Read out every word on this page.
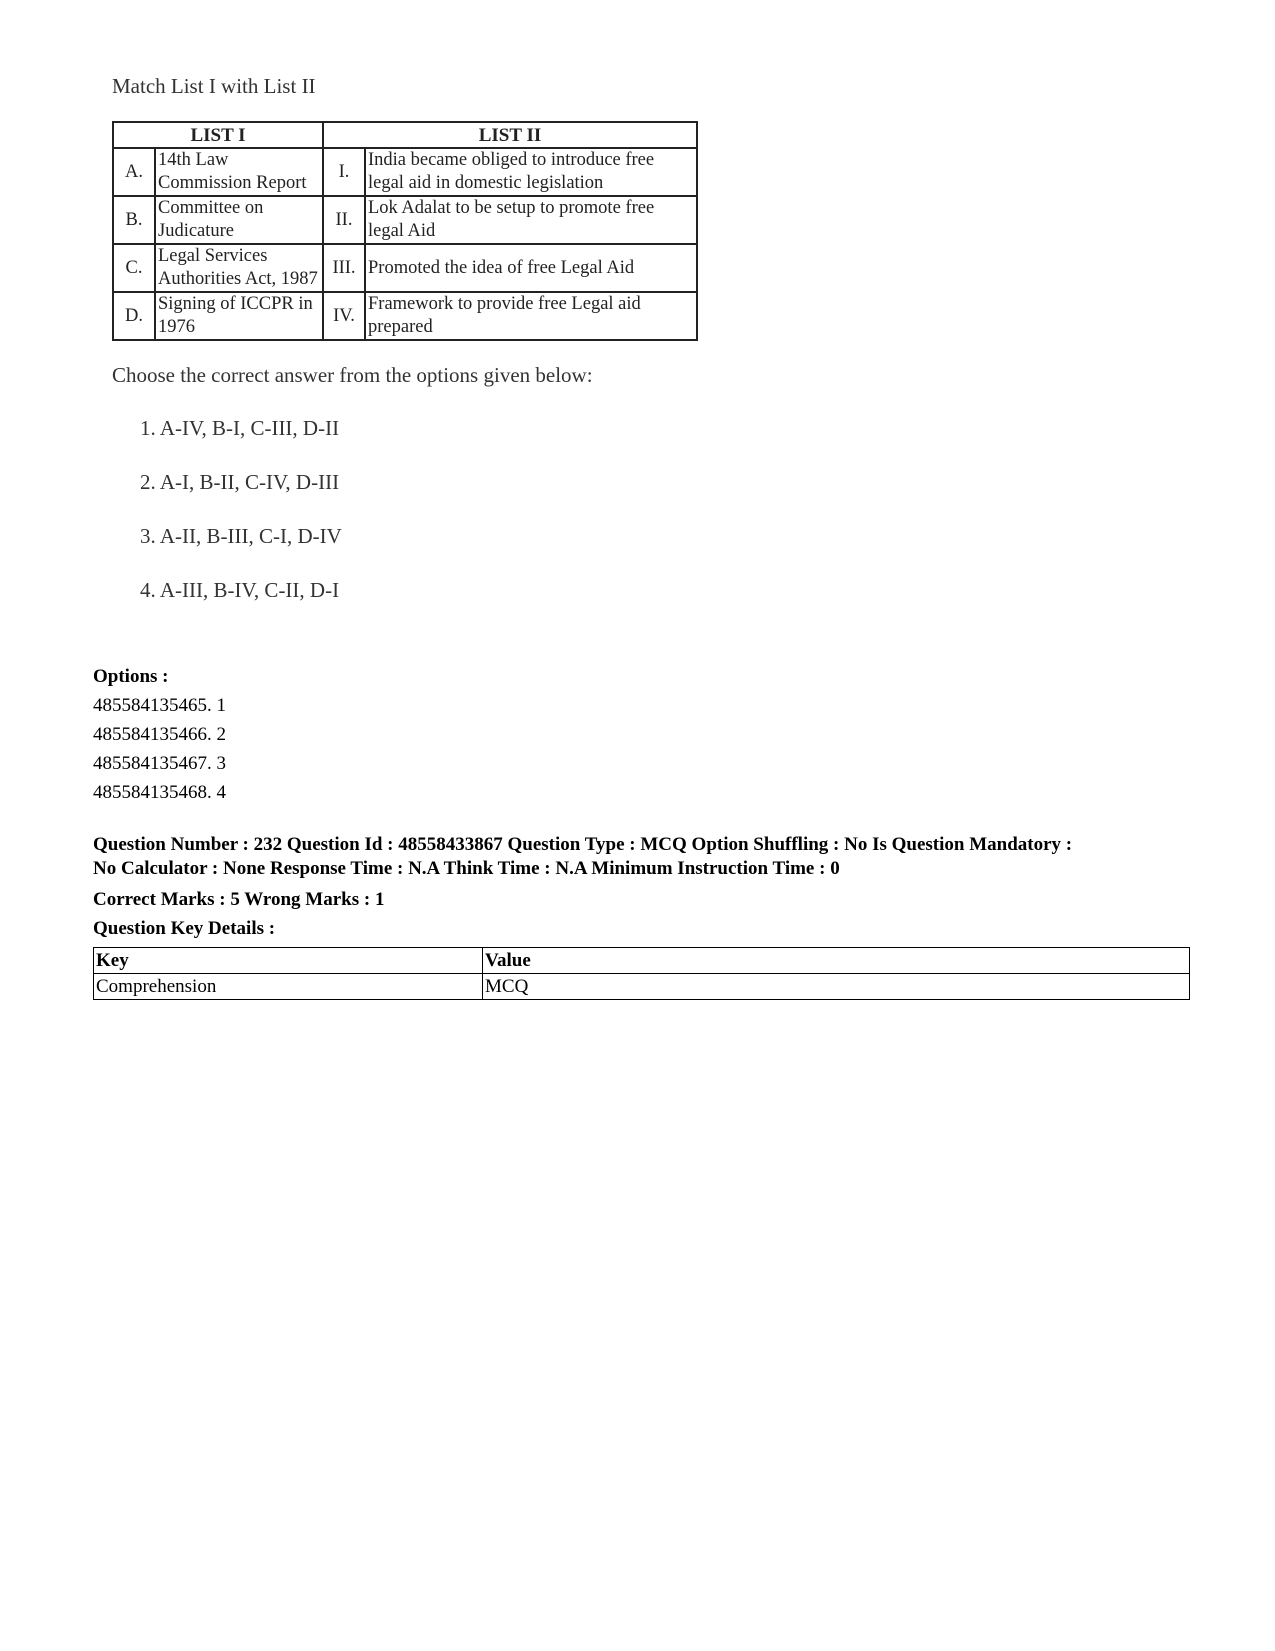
Match List I with List II
LIST I		LIST II	
A.	14th Law Commission Report	I.	India became obliged to introduce free legal aid in domestic legislation
B.	Committee on Judicature	II.	Lok Adalat to be setup to promote free legal Aid
C.	Legal Services Authorities Act, 1987	III.	Promoted the idea of free Legal Aid
D.	Signing of ICCPR in 1976	IV.	Framework to provide free Legal aid prepared
Choose the correct answer from the options given below:
1. A-IV, B-I, C-III, D-II
2. A-I, B-II, C-IV, D-III
3. A-II, B-III, C-I, D-IV
4. A-III, B-IV, C-II, D-I
Options :
485584135465. 1
485584135466. 2
485584135467. 3
485584135468. 4
Question Number : 232 Question Id : 48558433867 Question Type : MCQ Option Shuffling : No Is Question Mandatory :
No Calculator : None Response Time : N.A Think Time : N.A Minimum Instruction Time : 0
Correct Marks : 5 Wrong Marks : 1
Question Key Details :
Key	Value
Comprehension	MCQ
